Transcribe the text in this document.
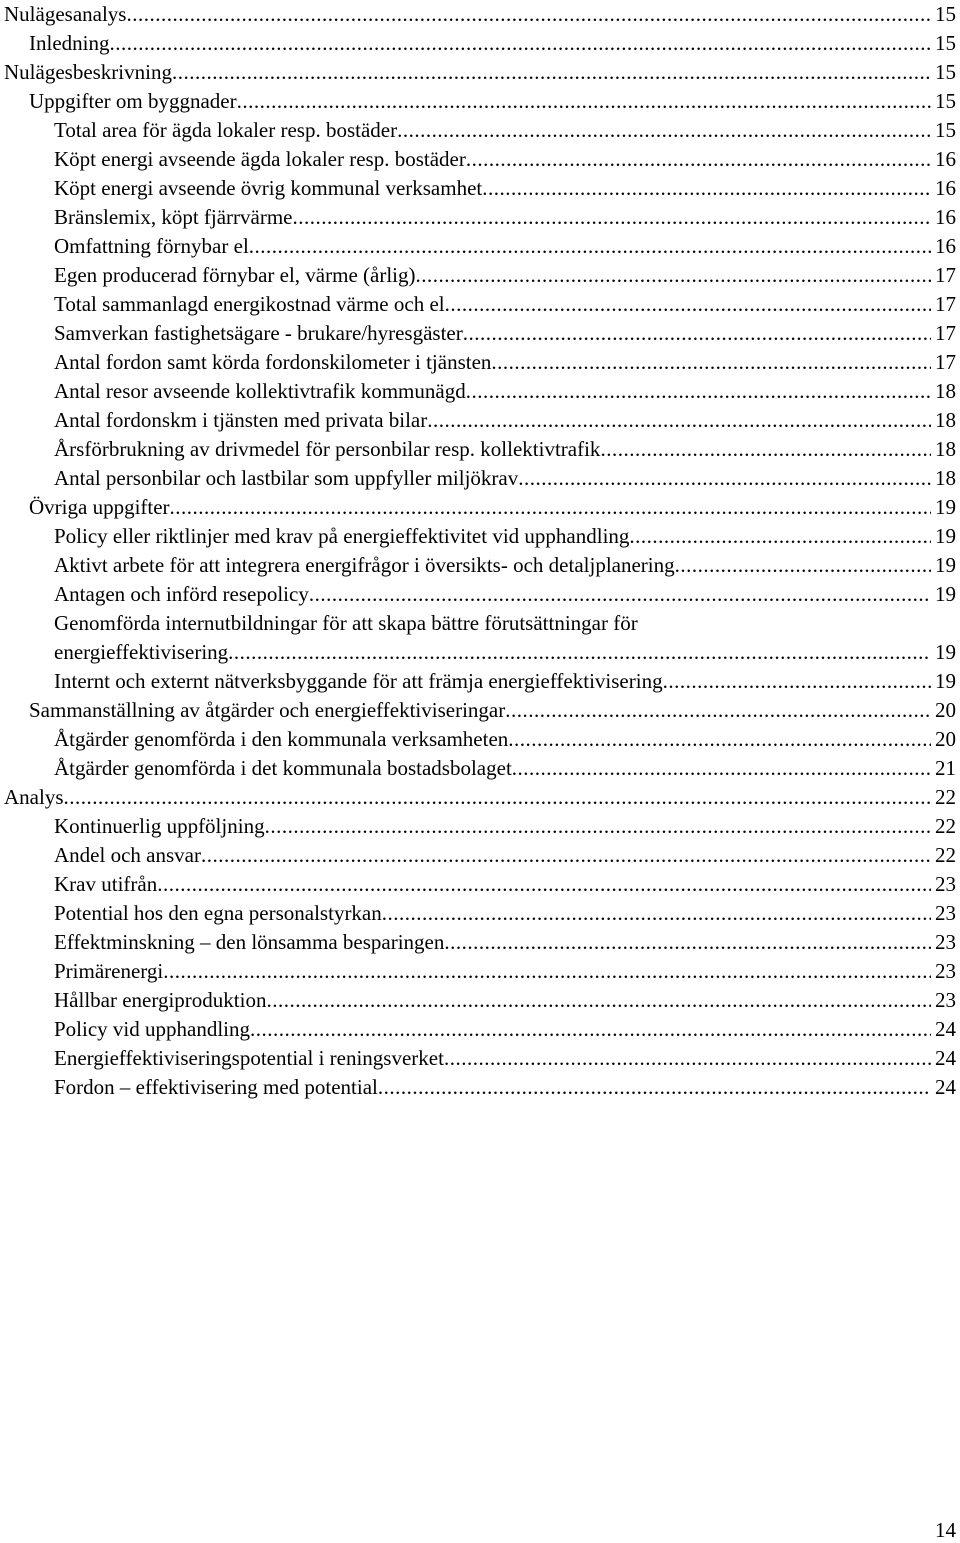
Nulägesanalys .....	15
Inledning .....	15
Nulägesbeskrivning .....	15
Uppgifter om byggnader .....	15
Total area för ägda lokaler resp. bostäder .....	15
Köpt energi avseende ägda lokaler resp. bostäder .....	16
Köpt energi avseende övrig kommunal verksamhet .....	16
Bränslemix, köpt fjärrvärme .....	16
Omfattning förnybar el .....	16
Egen producerad förnybar el, värme (årlig) .....	17
Total sammanlagd energikostnad värme och el .....	17
Samverkan fastighetsägare - brukare/hyresgäster .....	17
Antal fordon samt körda fordonskilometer i tjänsten .....	17
Antal resor avseende kollektivtrafik kommunägd .....	18
Antal fordonskm i tjänsten med privata bilar .....	18
Årsförbrukning av drivmedel för personbilar resp. kollektivtrafik .....	18
Antal personbilar och lastbilar som uppfyller miljökrav .....	18
Övriga uppgifter .....	19
Policy eller riktlinjer med krav på energieffektivitet vid upphandling .....	19
Aktivt arbete för att integrera energifrågor i översikts- och detaljplanering .....	19
Antagen och införd resepolicy .....	19
Genomförda internutbildningar för att skapa bättre förutsättningar för
energieffektivisering .....	19
Internt och externt nätverksbyggande för att främja energieffektivisering .....	19
Sammanställning av åtgärder och energieffektiviseringar .....	20
Åtgärder genomförda i den kommunala verksamheten .....	20
Åtgärder genomförda i det kommunala bostadsbolaget .....	21
Analys .....	22
Kontinuerlig uppföljning .....	22
Andel och ansvar .....	22
Krav utifrån .....	23
Potential hos den egna personalstyrkan .....	23
Effektminskning – den lönsamma besparingen .....	23
Primärenergi .....	23
Hållbar energiproduktion .....	23
Policy vid upphandling .....	24
Energieffektiviseringspotential i reningsverket .....	24
Fordon – effektivisering med potential .....	24
14
